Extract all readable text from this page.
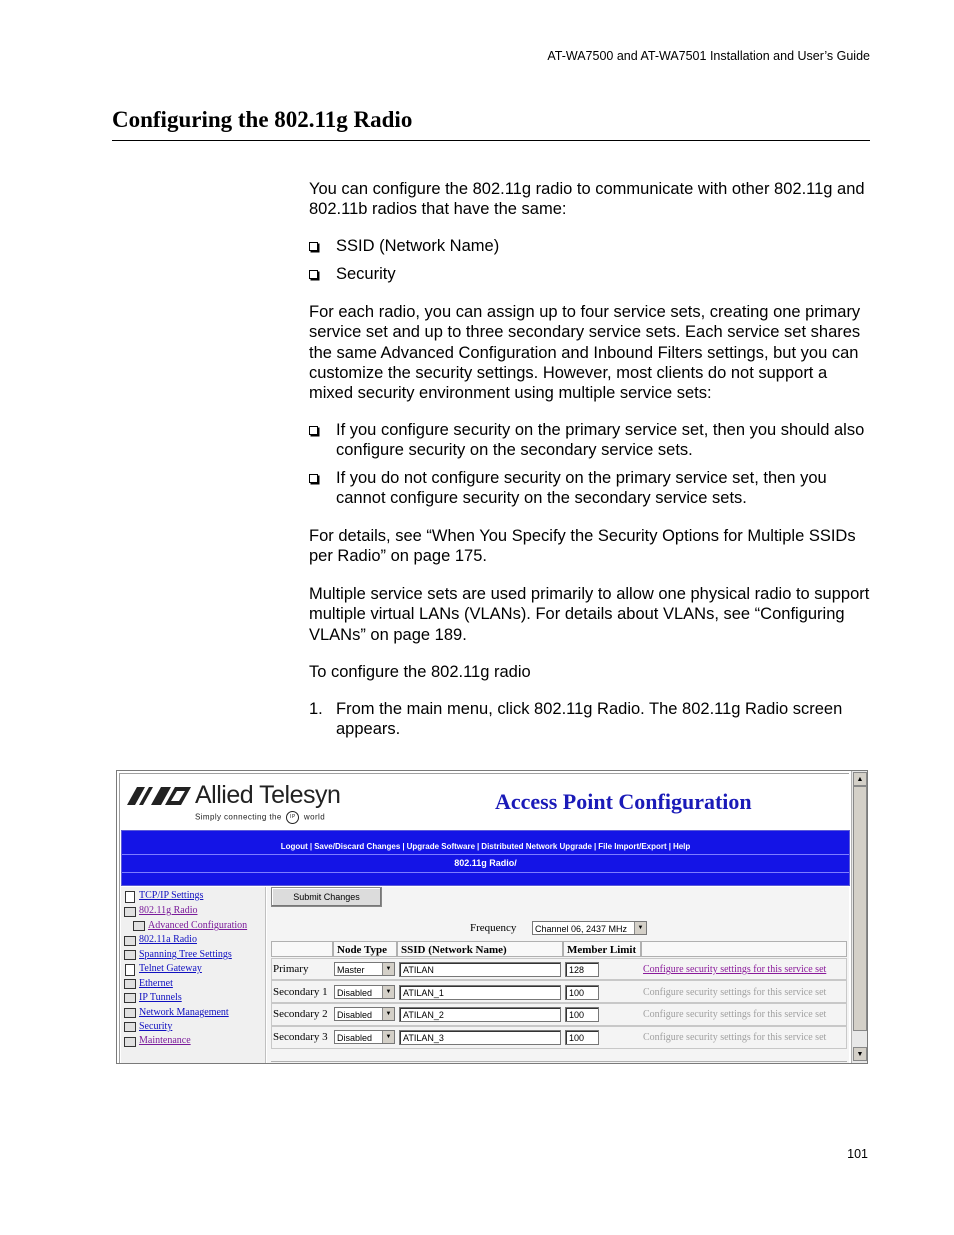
AT-WA7500 and AT-WA7501 Installation and User’s Guide
Configuring the 802.11g Radio

You can configure the 802.11g radio to communicate with other 802.11g and 802.11b radios that have the same:

SSID (Network Name)
Security

For each radio, you can assign up to four service sets, creating one primary service set and up to three secondary service sets. Each service set shares the same Advanced Configuration and Inbound Filters settings, but you can customize the security settings. However, most clients do not support a mixed security environment using multiple service sets:

If you configure security on the primary service set, then you should also configure security on the secondary service sets.
If you do not configure security on the primary service set, then you cannot configure security on the secondary service sets.

For details, see “When You Specify the Security Options for Multiple SSIDs per Radio” on page 175.

Multiple service sets are used primarily to allow one physical radio to support multiple virtual LANs (VLANs). For details about VLANs, see “Configuring VLANs” on page 189.

To configure the 802.11g radio

1. From the main menu, click 802.11g Radio. The 802.11g Radio screen appears.
Allied Telesyn
Simply connecting the IP world
Access Point Configuration
Logout | Save/Discard Changes | Upgrade Software | Distributed Network Upgrade | File Import/Export | Help
802.11g Radio/
TCP/IP Settings
802.11g Radio
Advanced Configuration
802.11a Radio
Spanning Tree Settings
Telnet Gateway
Ethernet
IP Tunnels
Network Management
Security
Maintenance
Submit Changes
Frequency	Channel 06, 2437 MHz	▼
Node Type	SSID (Network Name)	Member Limit
Primary	Master	▼	ATILAN	128	Configure security settings for this service set
Secondary 1	Disabled	▼	ATILAN_1	100	Configure security settings for this service set
Secondary 2	Disabled	▼	ATILAN_2	100	Configure security settings for this service set
Secondary 3	Disabled	▼	ATILAN_3	100	Configure security settings for this service set
▲
▼
101
